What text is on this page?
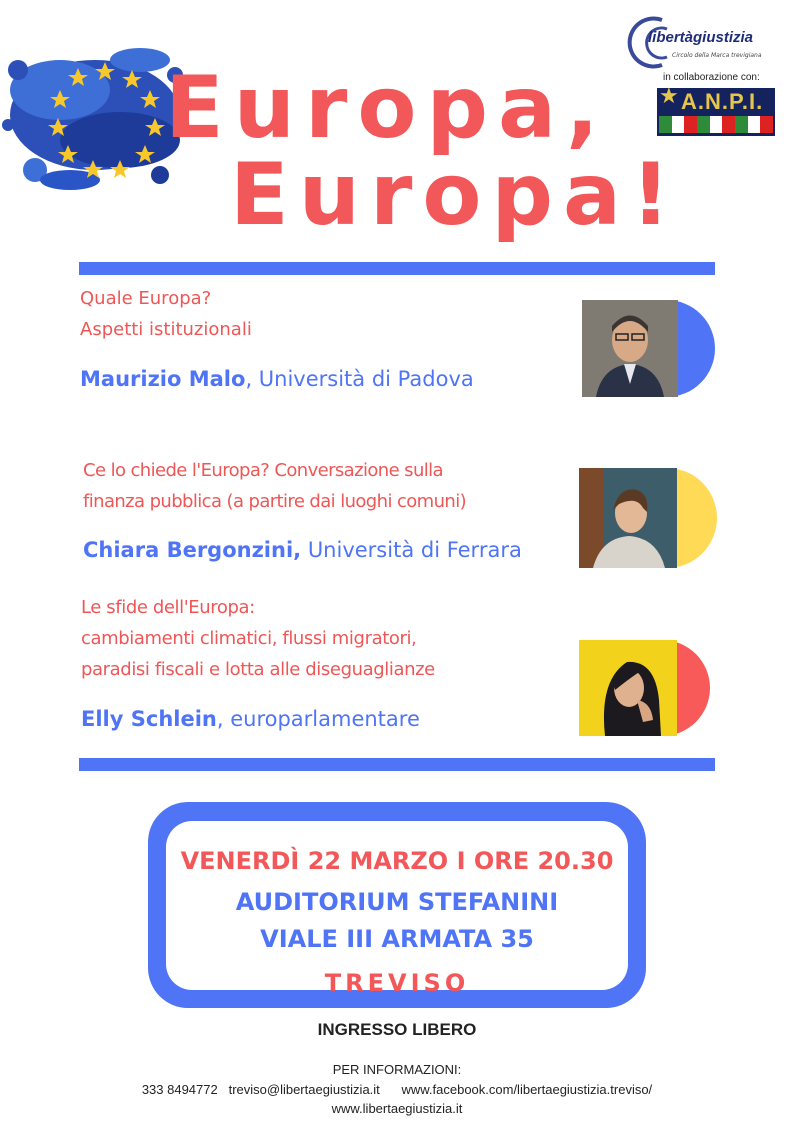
Europa,
Europa!
libertàgiustizia
Circolo della Marca trevigiana
in collaborazione con:
★ A.N.P.I.
Quale Europa?
Aspetti istituzionali
Maurizio Malo, Università di Padova
Ce lo chiede l'Europa? Conversazione sulla
finanza pubblica (a partire dai luoghi comuni)
Chiara Bergonzini, Università di Ferrara
Le sfide dell'Europa:
cambiamenti climatici, flussi migratori,
paradisi fiscali e lotta alle diseguaglianze
Elly Schlein, europarlamentare
VENERDÌ 22 MARZO I ORE 20.30
AUDITORIUM STEFANINI
VIALE III ARMATA 35
TREVISO
INGRESSO LIBERO
PER INFORMAZIONI:
333 8494772 treviso@libertaegiustizia.it www.facebook.com/libertaegiustizia.treviso/
www.libertaegiustizia.it
